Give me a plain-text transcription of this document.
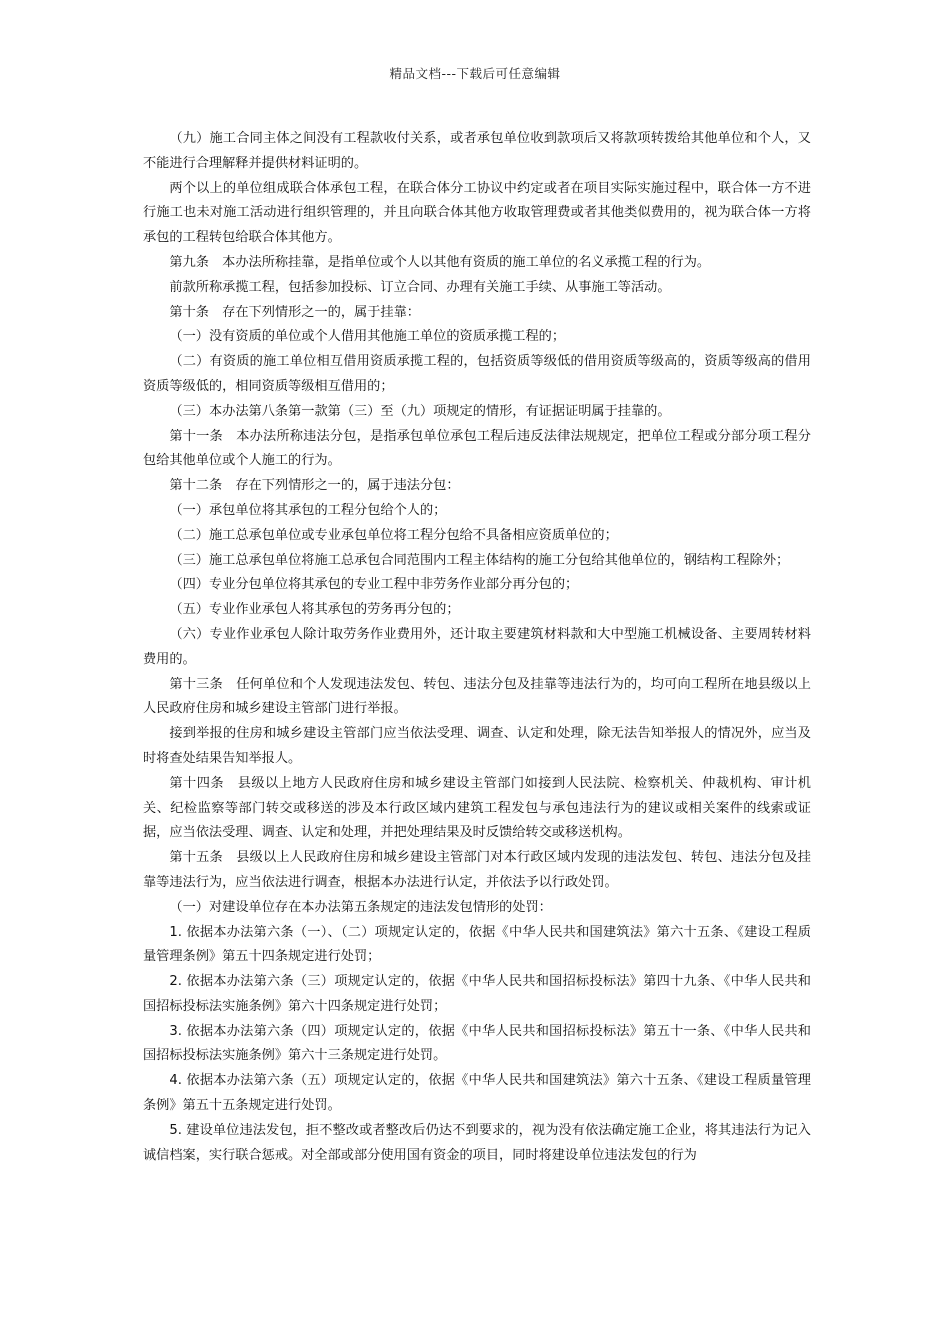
精品文档---下载后可任意编辑

（九）施工合同主体之间没有工程款收付关系，或者承包单位收到款项后又将款项转拨给其他单位和个人，又不能进行合理解释并提供材料证明的。

两个以上的单位组成联合体承包工程，在联合体分工协议中约定或者在项目实际实施过程中，联合体一方不进行施工也未对施工活动进行组织管理的，并且向联合体其他方收取管理费或者其他类似费用的，视为联合体一方将承包的工程转包给联合体其他方。

第九条　本办法所称挂靠，是指单位或个人以其他有资质的施工单位的名义承揽工程的行为。

前款所称承揽工程，包括参加投标、订立合同、办理有关施工手续、从事施工等活动。

第十条　存在下列情形之一的，属于挂靠：

（一）没有资质的单位或个人借用其他施工单位的资质承揽工程的；

（二）有资质的施工单位相互借用资质承揽工程的，包括资质等级低的借用资质等级高的，资质等级高的借用资质等级低的，相同资质等级相互借用的；

（三）本办法第八条第一款第（三）至（九）项规定的情形，有证据证明属于挂靠的。

第十一条　本办法所称违法分包，是指承包单位承包工程后违反法律法规规定，把单位工程或分部分项工程分包给其他单位或个人施工的行为。

第十二条　存在下列情形之一的，属于违法分包：

（一）承包单位将其承包的工程分包给个人的；

（二）施工总承包单位或专业承包单位将工程分包给不具备相应资质单位的；

（三）施工总承包单位将施工总承包合同范围内工程主体结构的施工分包给其他单位的，钢结构工程除外；

（四）专业分包单位将其承包的专业工程中非劳务作业部分再分包的；

（五）专业作业承包人将其承包的劳务再分包的；

（六）专业作业承包人除计取劳务作业费用外，还计取主要建筑材料款和大中型施工机械设备、主要周转材料费用的。

第十三条　任何单位和个人发现违法发包、转包、违法分包及挂靠等违法行为的，均可向工程所在地县级以上人民政府住房和城乡建设主管部门进行举报。

接到举报的住房和城乡建设主管部门应当依法受理、调查、认定和处理，除无法告知举报人的情况外，应当及时将查处结果告知举报人。

第十四条　县级以上地方人民政府住房和城乡建设主管部门如接到人民法院、检察机关、仲裁机构、审计机关、纪检监察等部门转交或移送的涉及本行政区域内建筑工程发包与承包违法行为的建议或相关案件的线索或证据，应当依法受理、调查、认定和处理，并把处理结果及时反馈给转交或移送机构。

第十五条　县级以上人民政府住房和城乡建设主管部门对本行政区域内发现的违法发包、转包、违法分包及挂靠等违法行为，应当依法进行调查，根据本办法进行认定，并依法予以行政处罚。

（一）对建设单位存在本办法第五条规定的违法发包情形的处罚：

1. 依据本办法第六条（一）、（二）项规定认定的，依据《中华人民共和国建筑法》第六十五条、《建设工程质量管理条例》第五十四条规定进行处罚；

2. 依据本办法第六条（三）项规定认定的，依据《中华人民共和国招标投标法》第四十九条、《中华人民共和国招标投标法实施条例》第六十四条规定进行处罚；

3. 依据本办法第六条（四）项规定认定的，依据《中华人民共和国招标投标法》第五十一条、《中华人民共和国招标投标法实施条例》第六十三条规定进行处罚。

4. 依据本办法第六条（五）项规定认定的，依据《中华人民共和国建筑法》第六十五条、《建设工程质量管理条例》第五十五条规定进行处罚。

5. 建设单位违法发包，拒不整改或者整改后仍达不到要求的，视为没有依法确定施工企业，将其违法行为记入诚信档案，实行联合惩戒。对全部或部分使用国有资金的项目，同时将建设单位违法发包的行为
